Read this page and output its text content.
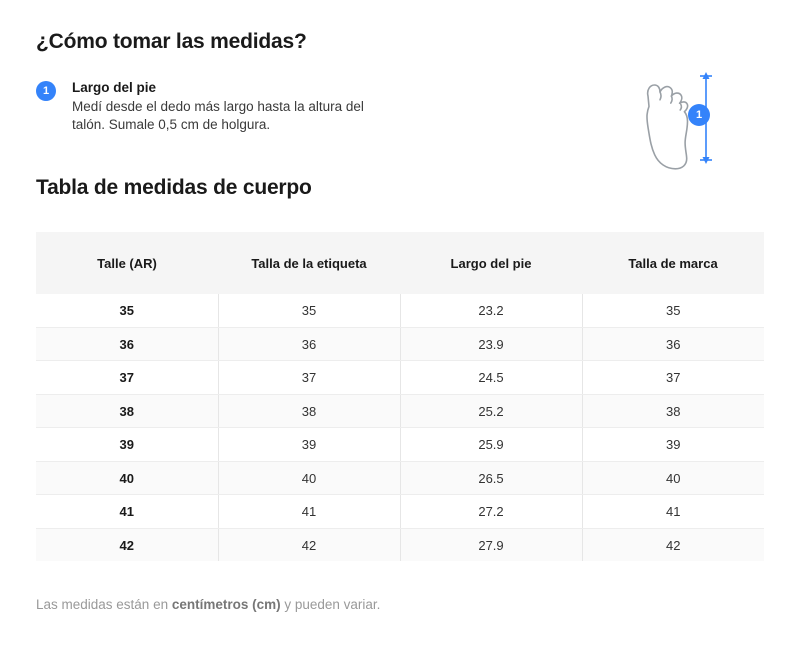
¿Cómo tomar las medidas?
1	Largo del pie

Medí desde el dedo más largo hasta la altura del talón. Sumale 0,5 cm de holgura.

1
Tabla de medidas de cuerpo
Talle (AR)	Talla de la etiqueta	Largo del pie	Talla de marca
35	35	23.2	35
36	36	23.9	36
37	37	24.5	37
38	38	25.2	38
39	39	25.9	39
40	40	26.5	40
41	41	27.2	41
42	42	27.9	42
Las medidas están en centímetros (cm) y pueden variar.
